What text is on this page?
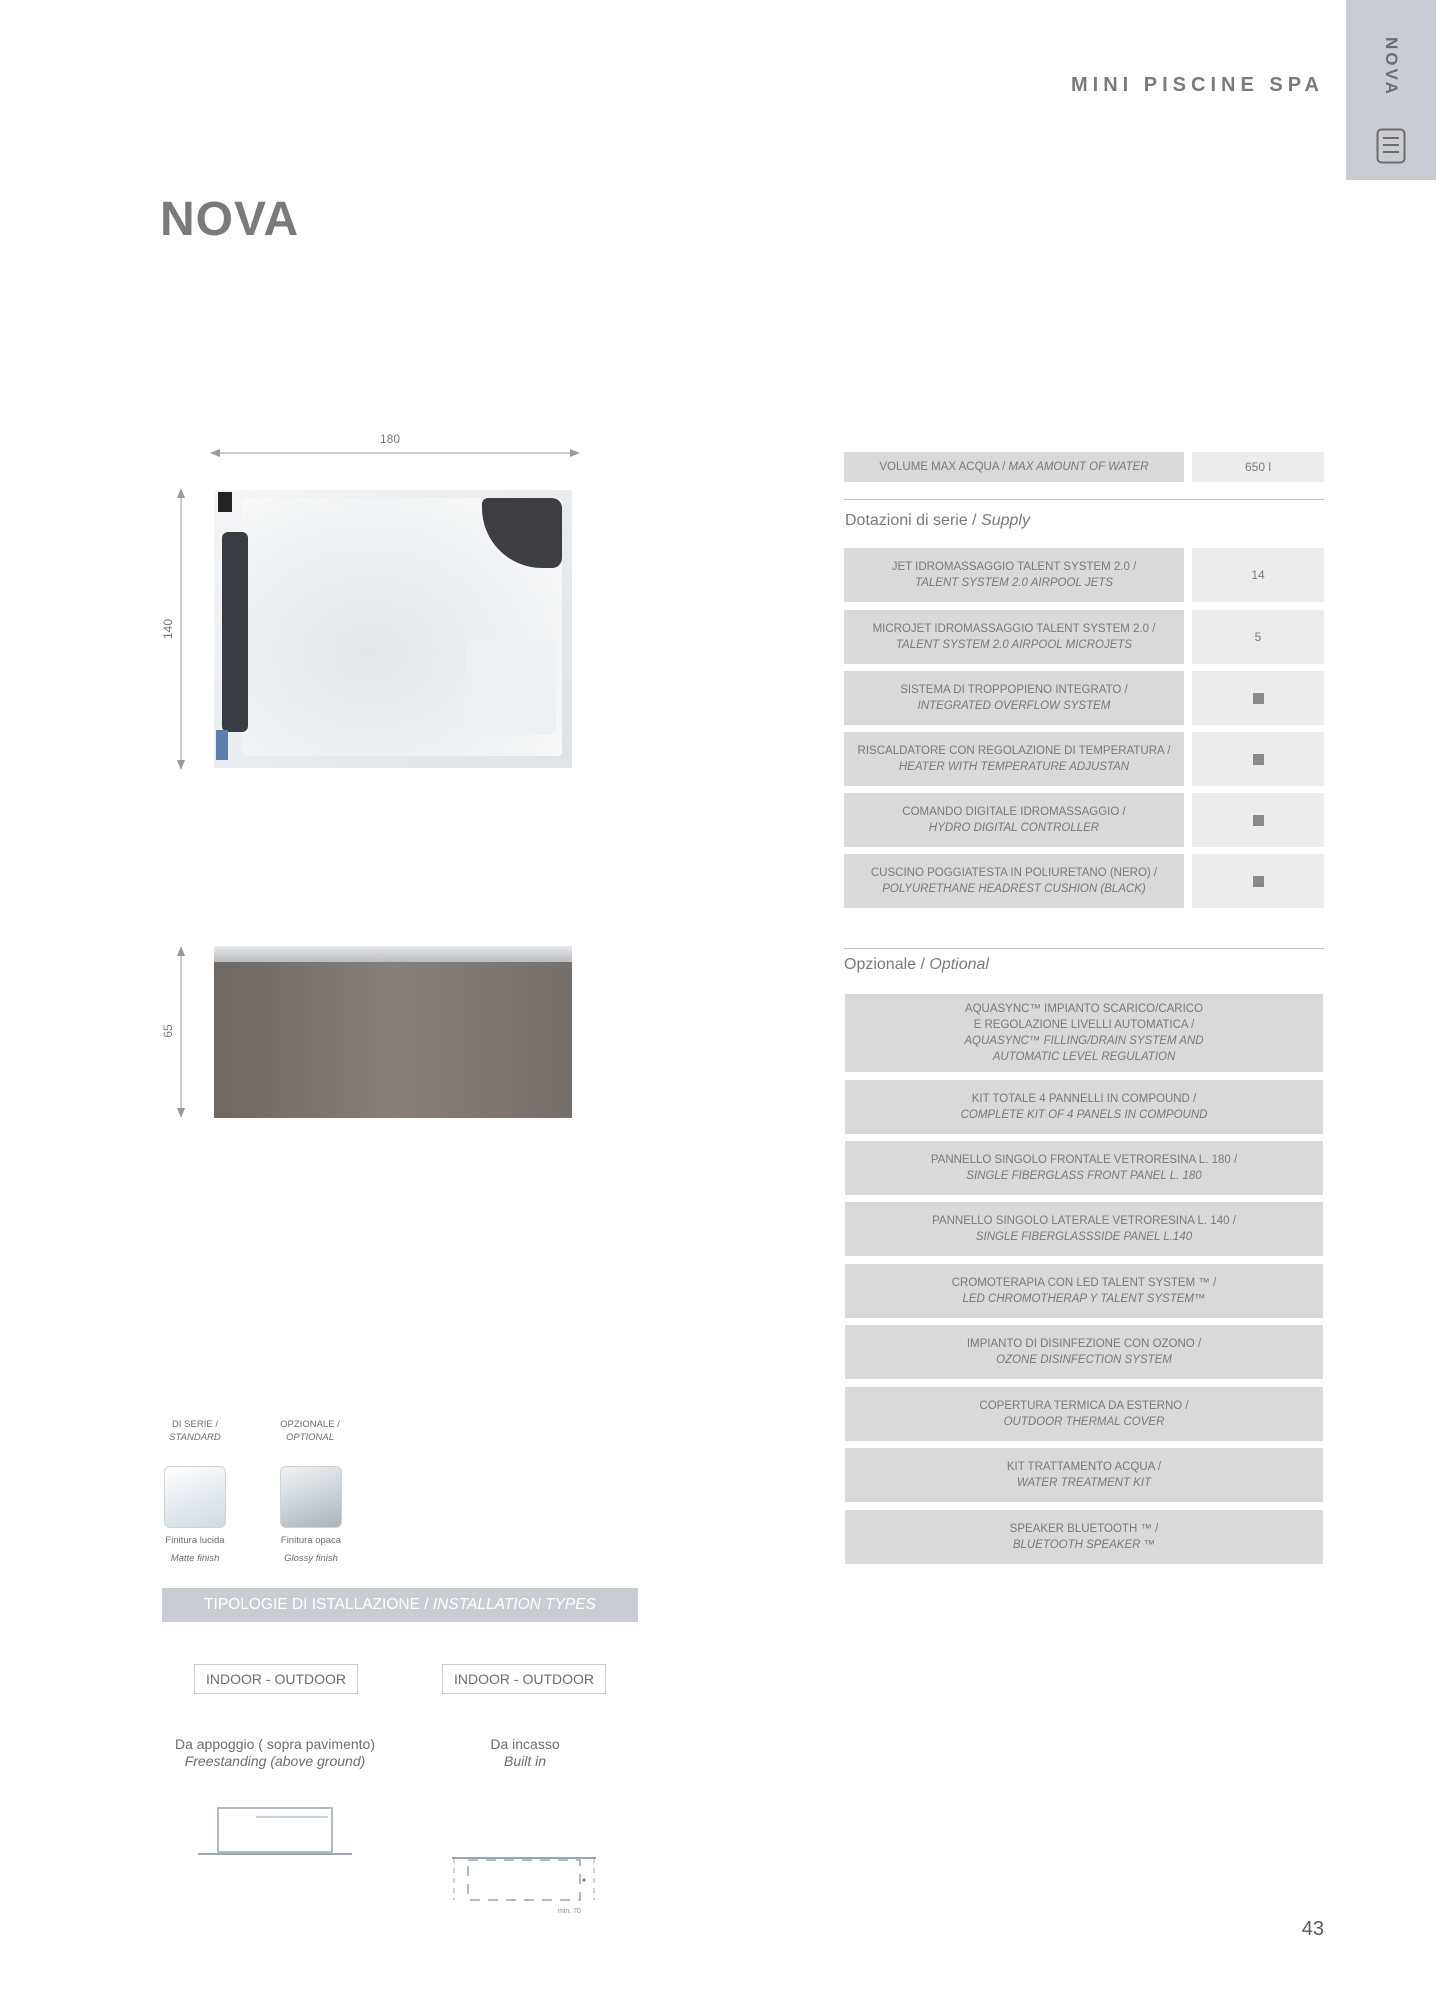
NOVA
MINI PISCINE SPA
NOVA
180
140
65
DI SERIE /
STANDARD
OPZIONALE /
OPTIONAL
Finitura lucida
Matte finish
Finitura opaca
Glossy finish
TIPOLOGIE DI ISTALLAZIONE / INSTALLATION TYPES
INDOOR - OUTDOOR	INDOOR - OUTDOOR
Da appoggio ( sopra pavimento)
Freestanding (above ground)
Da incasso
Built in
min. 70
VOLUME MAX ACQUA / MAX AMOUNT OF WATER	650 l
Dotazioni di serie / Supply
JET IDROMASSAGGIO TALENT SYSTEM 2.0 /
TALENT SYSTEM 2.0 AIRPOOL JETS
14
MICROJET IDROMASSAGGIO TALENT SYSTEM 2.0 /
TALENT SYSTEM 2.0 AIRPOOL MICROJETS
5
SISTEMA DI TROPPOPIENO INTEGRATO /
INTEGRATED OVERFLOW SYSTEM
RISCALDATORE CON REGOLAZIONE DI TEMPERATURA /
HEATER WITH TEMPERATURE ADJUSTAN
COMANDO DIGITALE IDROMASSAGGIO /
HYDRO DIGITAL CONTROLLER
CUSCINO POGGIATESTA IN POLIURETANO (NERO) /
POLYURETHANE HEADREST CUSHION (BLACK)
Opzionale / Optional
AQUASYNC™ IMPIANTO SCARICO/CARICO
E REGOLAZIONE LIVELLI AUTOMATICA /
AQUASYNC™ FILLING/DRAIN SYSTEM AND
AUTOMATIC LEVEL REGULATION
KIT TOTALE 4 PANNELLI IN COMPOUND /
COMPLETE KIT OF 4 PANELS IN COMPOUND
PANNELLO SINGOLO FRONTALE VETRORESINA L. 180 /
SINGLE FIBERGLASS FRONT PANEL L. 180
PANNELLO SINGOLO LATERALE VETRORESINA L. 140 /
SINGLE FIBERGLASSSIDE PANEL L.140
CROMOTERAPIA CON LED TALENT SYSTEM ™ /
LED CHROMOTHERAP Y TALENT SYSTEM™
IMPIANTO DI DISINFEZIONE CON OZONO /
OZONE DISINFECTION SYSTEM
COPERTURA TERMICA DA ESTERNO /
OUTDOOR THERMAL COVER
KIT TRATTAMENTO ACQUA /
WATER TREATMENT KIT
SPEAKER BLUETOOTH ™ /
BLUETOOTH SPEAKER ™
43
